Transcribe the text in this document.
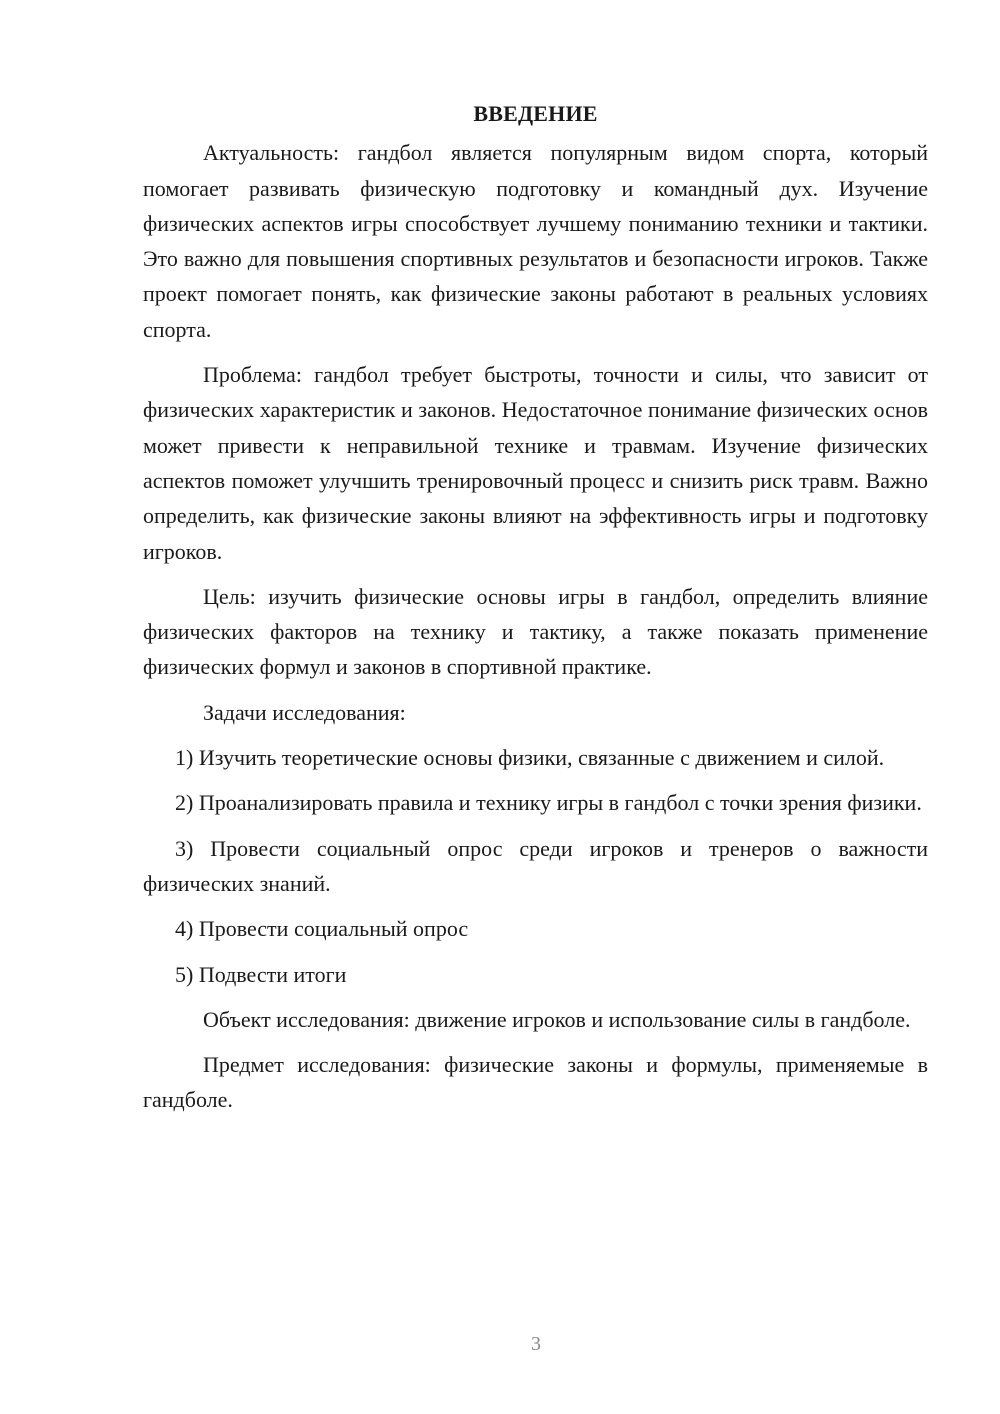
ВВЕДЕНИЕ

Актуальность: гандбол является популярным видом спорта, который помогает развивать физическую подготовку и командный дух. Изучение физических аспектов игры способствует лучшему пониманию техники и тактики. Это важно для повышения спортивных результатов и безопасности игроков. Также проект помогает понять, как физические законы работают в реальных условиях спорта.

Проблема: гандбол требует быстроты, точности и силы, что зависит от физических характеристик и законов. Недостаточное понимание физических основ может привести к неправильной технике и травмам. Изучение физических аспектов поможет улучшить тренировочный процесс и снизить риск травм. Важно определить, как физические законы влияют на эффективность игры и подготовку игроков.

Цель: изучить физические основы игры в гандбол, определить влияние физических факторов на технику и тактику, а также показать применение физических формул и законов в спортивной практике.

Задачи исследования:

1) Изучить теоретические основы физики, связанные с движением и силой.

2) Проанализировать правила и технику игры в гандбол с точки зрения физики.

3) Провести социальный опрос среди игроков и тренеров о важности физических знаний.

4) Провести социальный опрос

5) Подвести итоги

Объект исследования: движение игроков и использование силы в гандболе.

Предмет исследования: физические законы и формулы, применяемые в гандболе.

3
